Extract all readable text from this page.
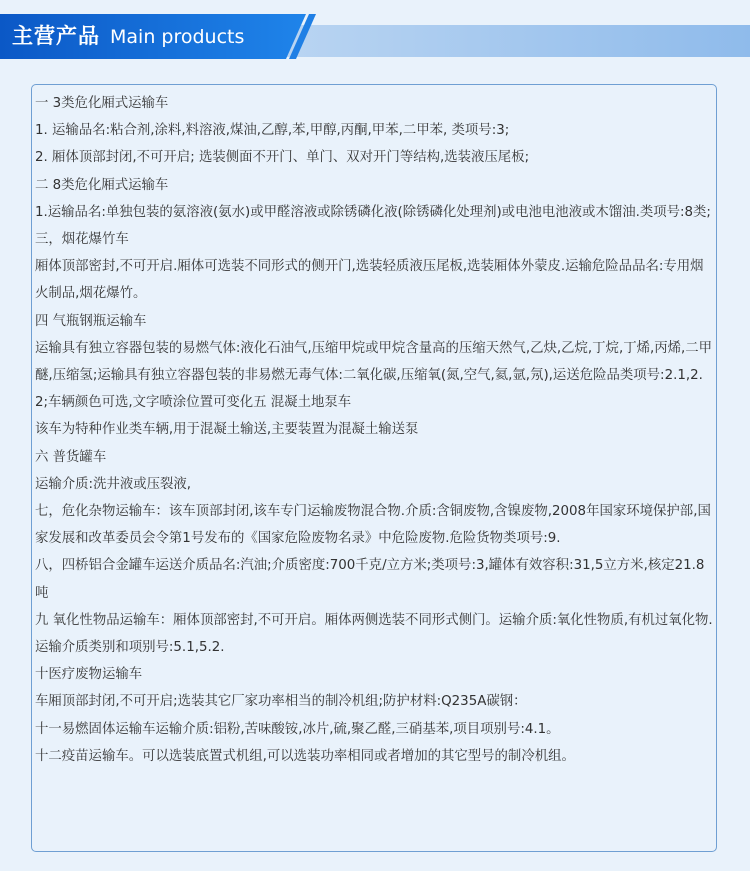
主营产品 Main products
一 3类危化厢式运输车
1. 运输品名:粘合剂,涂料,料溶液,煤油,乙醇,苯,甲醇,丙酮,甲苯,二甲苯, 类项号:3;
2. 厢体顶部封闭,不可开启; 选装侧面不开门、单门、双对开门等结构,选装液压尾板;
二 8类危化厢式运输车
1.运输品名:单独包装的氨溶液(氨水)或甲醛溶液或除锈磷化液(除锈磷化处理剂)或电池电池液或木馏油.类项号:8类;
三，烟花爆竹车
厢体顶部密封,不可开启.厢体可选装不同形式的侧开门,选装轻质液压尾板,选装厢体外蒙皮.运输危险品品名:专用烟火制品,烟花爆竹。
四 气瓶钢瓶运输车
运输具有独立容器包装的易燃气体:液化石油气,压缩甲烷或甲烷含量高的压缩天然气,乙炔,乙烷,丁烷,丁烯,丙烯,二甲醚,压缩氢;运输具有独立容器包装的非易燃无毒气体:二氧化碳,压缩氧(氮,空气,氦,氩,氖),运送危险品类项号:2.1,2.2;车辆颜色可选,文字喷涂位置可变化五 混凝土地泵车
该车为特种作业类车辆,用于混凝土输送,主要装置为混凝土输送泵
六 普货罐车
运输介质:洗井液或压裂液,
七，危化杂物运输车：该车顶部封闭,该车专门运输废物混合物.介质:含铜废物,含镍废物,2008年国家环境保护部,国家发展和改革委员会令第1号发布的《国家危险废物名录》中危险废物.危险货物类项号:9.
八，四桥铝合金罐车运送介质品名:汽油;介质密度:700千克/立方米;类项号:3,罐体有效容积:31,5立方米,核定21.8吨
九 氧化性物品运输车：厢体顶部密封,不可开启。厢体两侧选装不同形式侧门。运输介质:氧化性物质,有机过氧化物.运输介质类别和项别号:5.1,5.2.
十医疗废物运输车
车厢顶部封闭,不可开启;选装其它厂家功率相当的制冷机组;防护材料:Q235A碳钢：
十一易燃固体运输车运输介质:铝粉,苦味酸铵,冰片,硫,聚乙醛,三硝基苯,项目项别号:4.1。
十二疫苗运输车。可以选装底置式机组,可以选装功率相同或者增加的其它型号的制冷机组。
